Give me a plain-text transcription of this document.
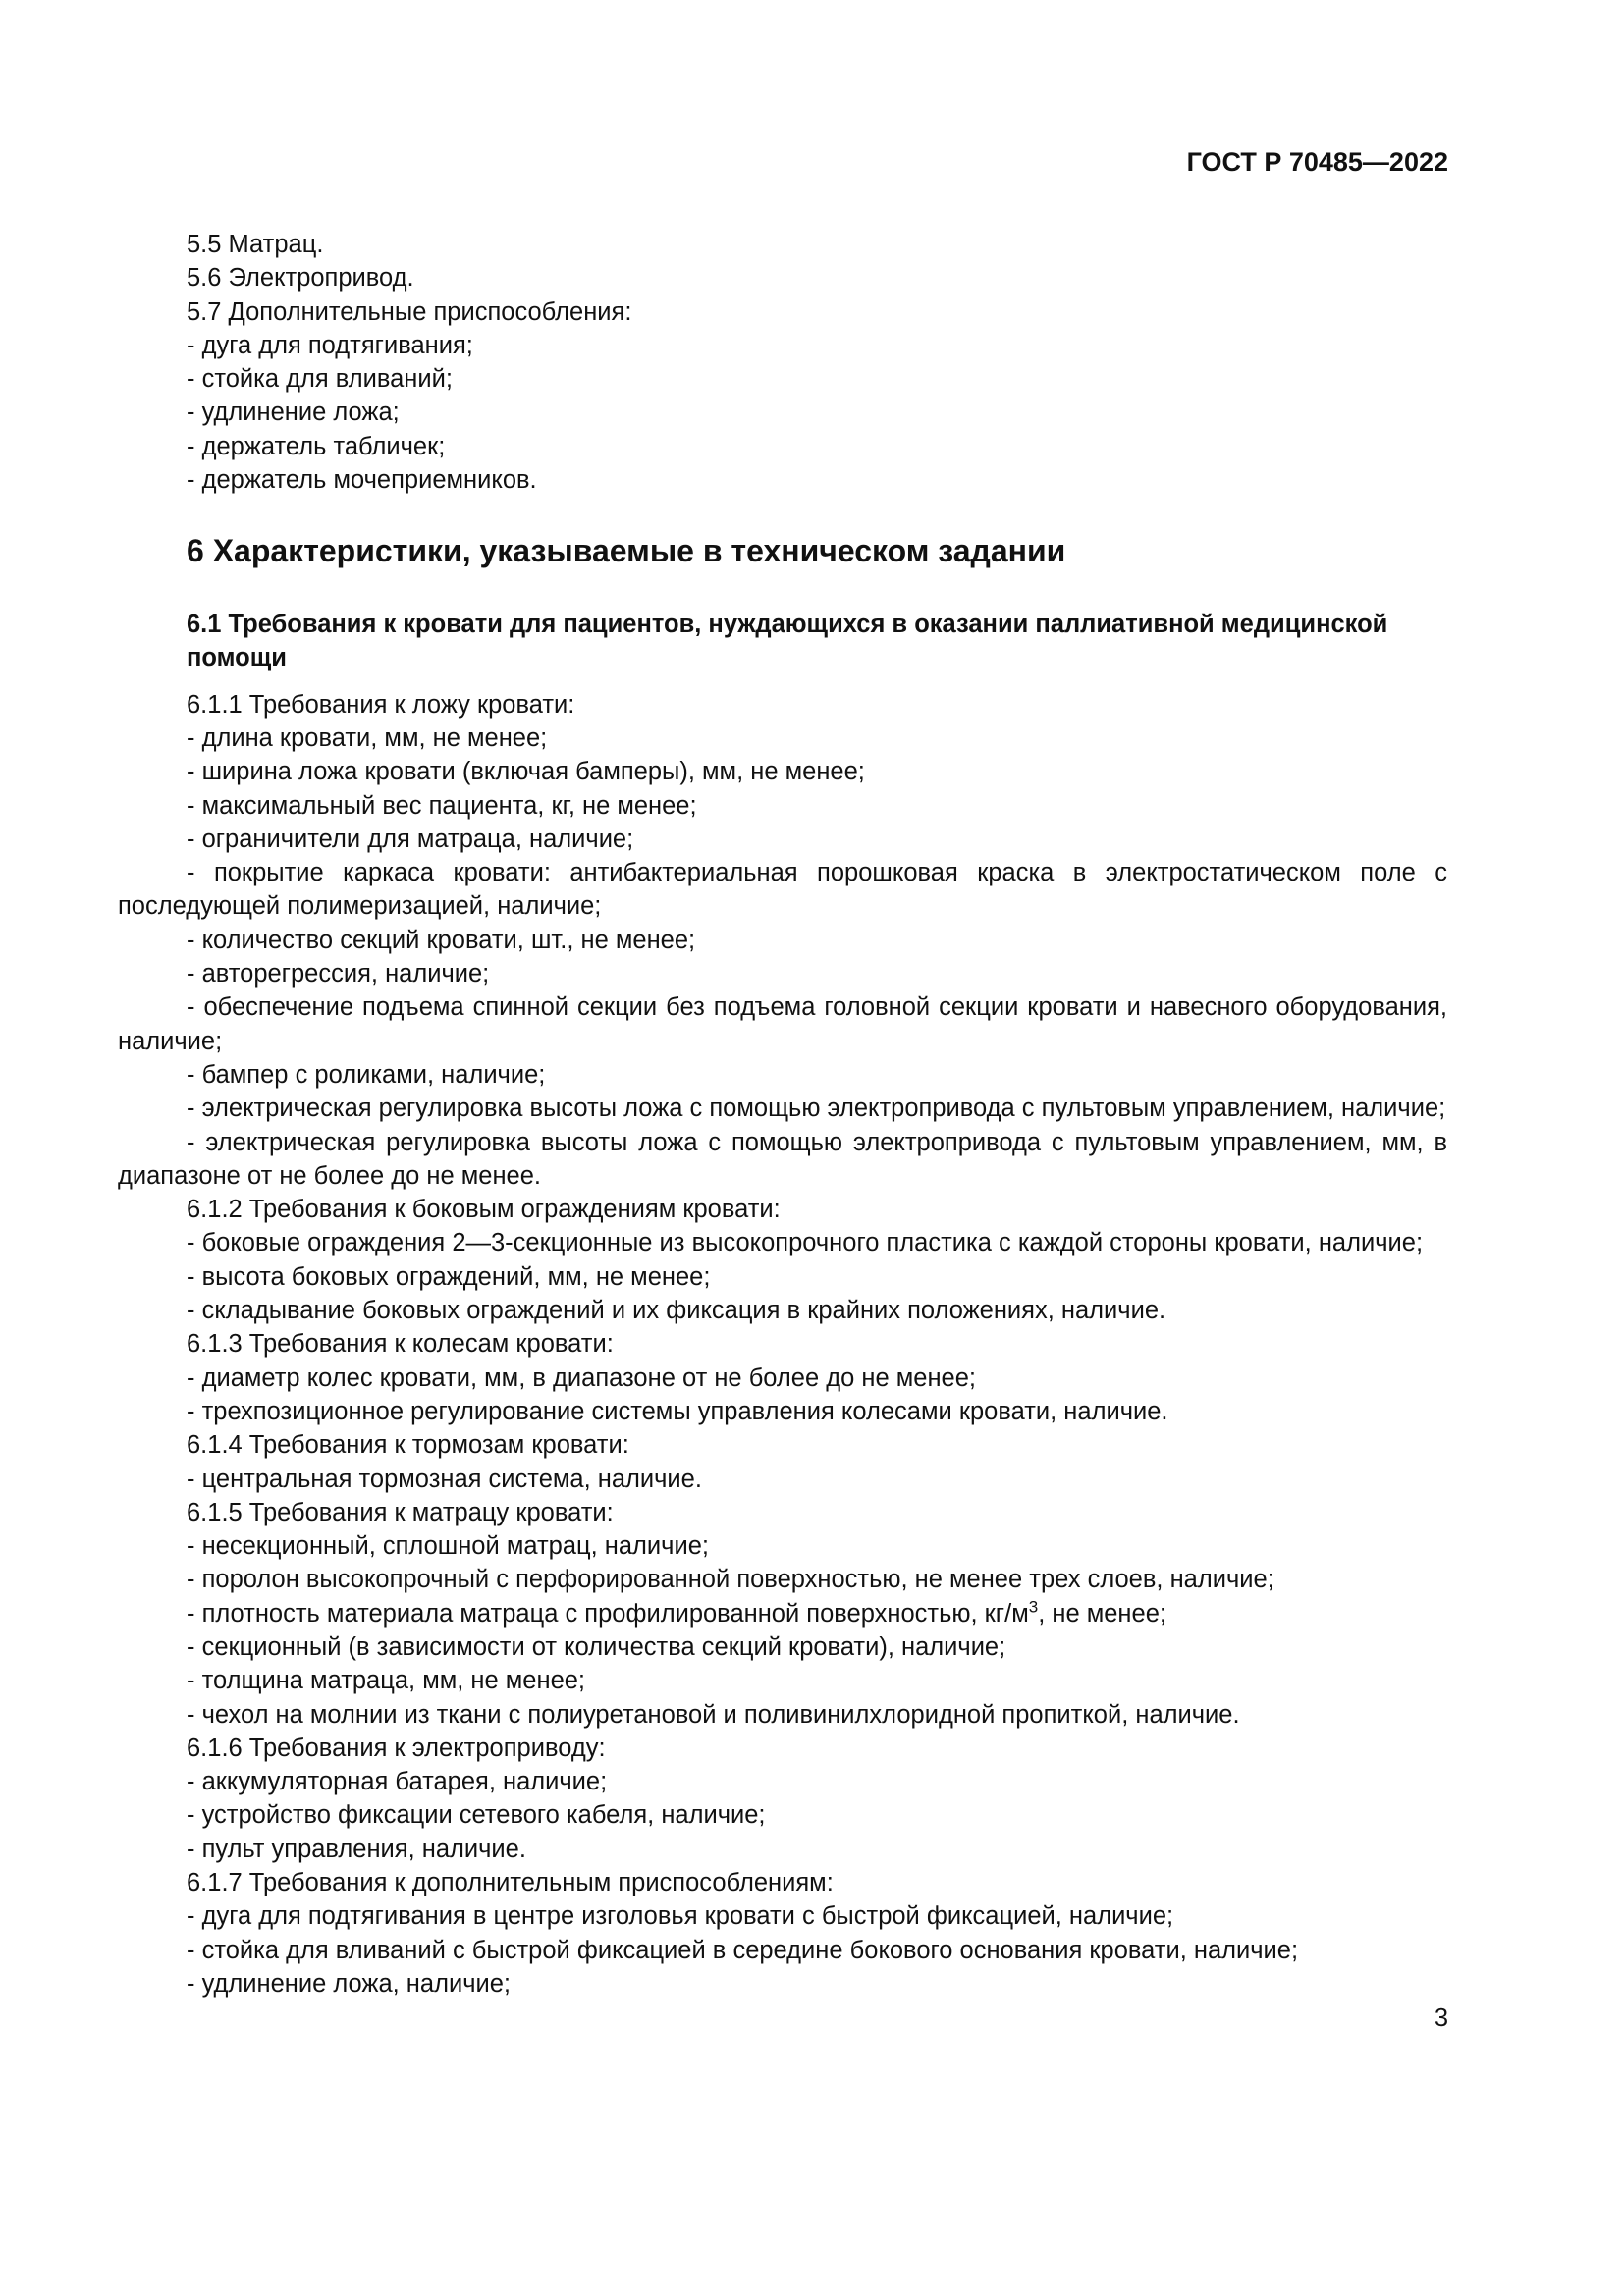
ГОСТ Р 70485—2022
5.5 Матрац.
5.6 Электропривод.
5.7 Дополнительные приспособления:
- дуга для подтягивания;
- стойка для вливаний;
- удлинение ложа;
- держатель табличек;
- держатель мочеприемников.
6 Характеристики, указываемые в техническом задании
6.1 Требования к кровати для пациентов, нуждающихся в оказании паллиативной медицинской помощи
6.1.1 Требования к ложу кровати:
- длина кровати, мм, не менее;
- ширина ложа кровати (включая бамперы), мм, не менее;
- максимальный вес пациента, кг, не менее;
- ограничители для матраца, наличие;
- покрытие каркаса кровати: антибактериальная порошковая краска в электростатическом поле с последующей полимеризацией, наличие;
- количество секций кровати, шт., не менее;
- авторегрессия, наличие;
- обеспечение подъема спинной секции без подъема головной секции кровати и навесного оборудования, наличие;
- бампер с роликами, наличие;
- электрическая регулировка высоты ложа с помощью электропривода с пультовым управлением, наличие;
- электрическая регулировка высоты ложа с помощью электропривода с пультовым управлением, мм, в диапазоне от не более до не менее.
6.1.2 Требования к боковым ограждениям кровати:
- боковые ограждения 2—3-секционные из высокопрочного пластика с каждой стороны кровати, наличие;
- высота боковых ограждений, мм, не менее;
- складывание боковых ограждений и их фиксация в крайних положениях, наличие.
6.1.3 Требования к колесам кровати:
- диаметр колес кровати, мм, в диапазоне от не более до не менее;
- трехпозиционное регулирование системы управления колесами кровати, наличие.
6.1.4 Требования к тормозам кровати:
- центральная тормозная система, наличие.
6.1.5 Требования к матрацу кровати:
- несекционный, сплошной матрац, наличие;
- поролон высокопрочный с перфорированной поверхностью, не менее трех слоев, наличие;
- плотность материала матраца с профилированной поверхностью, $кг/м^3$, не менее;
- секционный (в зависимости от количества секций кровати), наличие;
- толщина матраца, мм, не менее;
- чехол на молнии из ткани с полиуретановой и поливинилхлоридной пропиткой, наличие.
6.1.6 Требования к электроприводу:
- аккумуляторная батарея, наличие;
- устройство фиксации сетевого кабеля, наличие;
- пульт управления, наличие.
6.1.7 Требования к дополнительным приспособлениям:
- дуга для подтягивания в центре изголовья кровати с быстрой фиксацией, наличие;
- стойка для вливаний с быстрой фиксацией в середине бокового основания кровати, наличие;
- удлинение ложа, наличие;
3
